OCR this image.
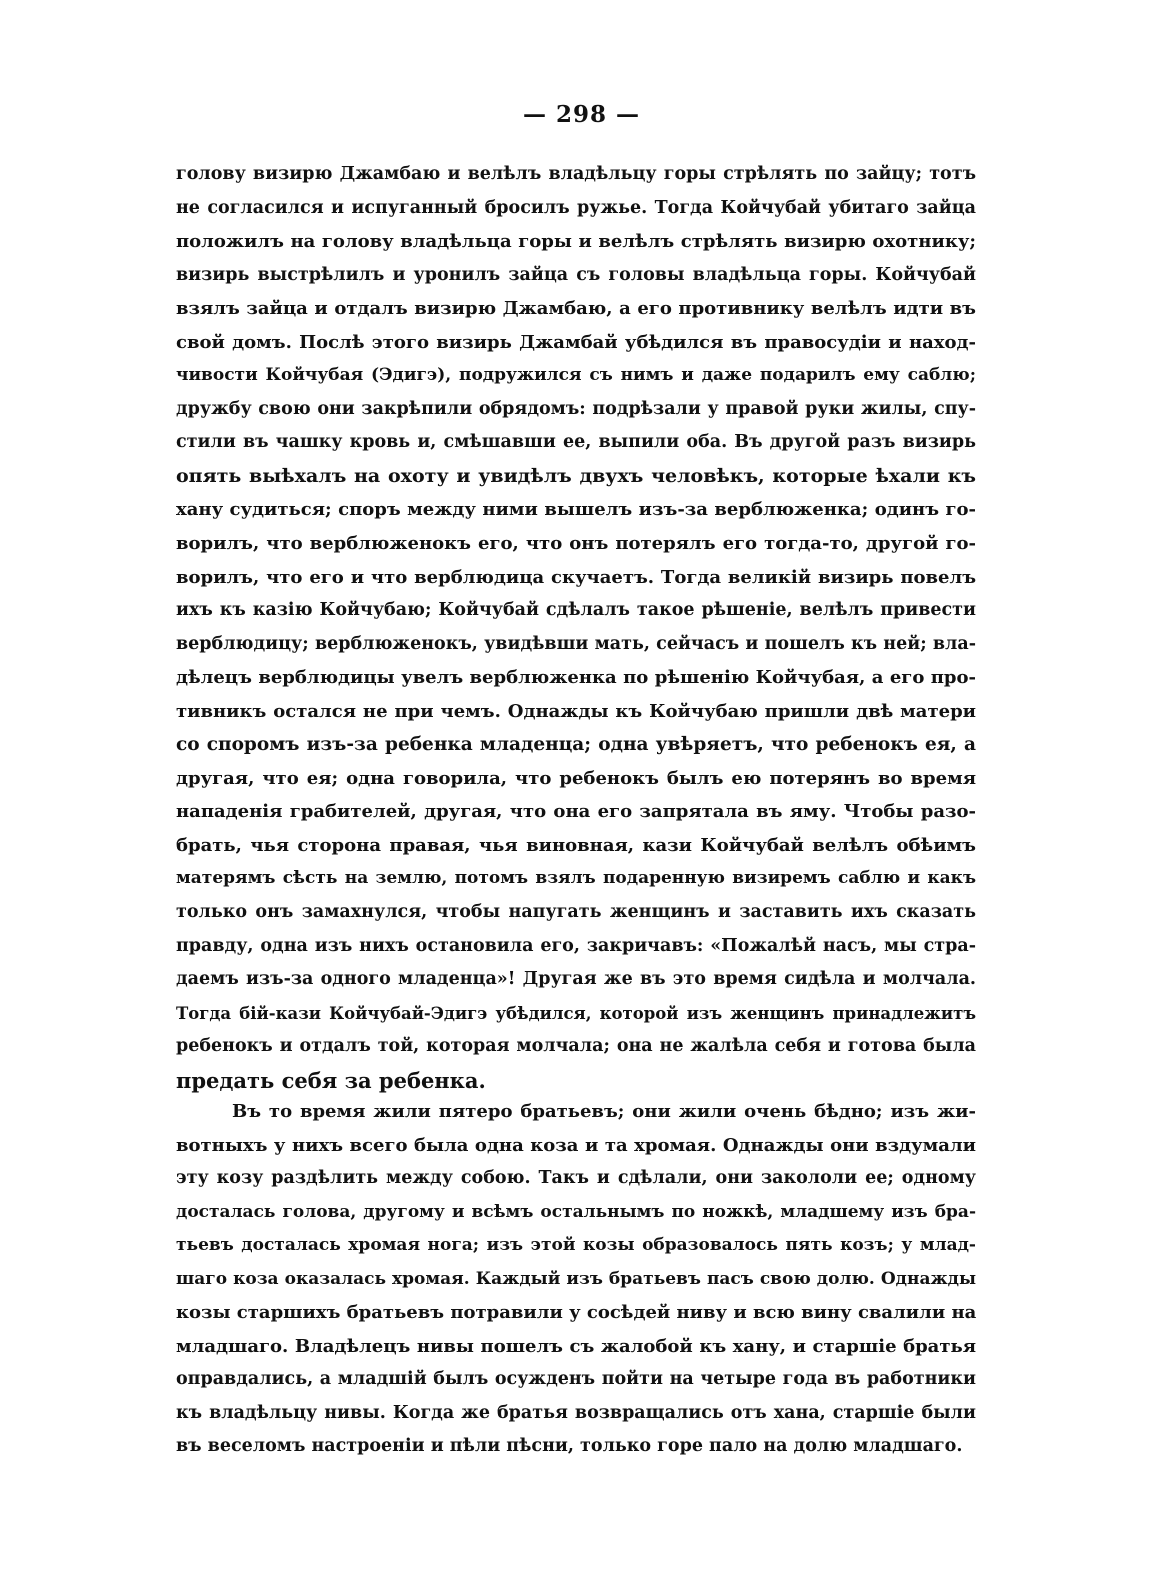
— 298 —
голову визирю Джамбаю и велѣлъ владѣльцу горы стрѣлять по зайцу; тотъ
не согласился и испуганный бросилъ ружье. Тогда Койчубай убитаго зайца
положилъ на голову владѣльца горы и велѣлъ стрѣлять визирю охотнику;
визирь выстрѣлилъ и уронилъ зайца съ головы владѣльца горы. Койчубай
взялъ зайца и отдалъ визирю Джамбаю, а его противнику велѣлъ идти въ
свой домъ. Послѣ этого визирь Джамбай убѣдился въ правосудіи и наход-
чивости Койчубая (Эдигэ), подружился съ нимъ и даже подарилъ ему саблю;
дружбу свою они закрѣпили обрядомъ: подрѣзали у правой руки жилы, спу-
стили въ чашку кровь и, смѣшавши ее, выпили оба. Въ другой разъ визирь
опять выѣхалъ на охоту и увидѣлъ двухъ человѣкъ, которые ѣхали къ
хану судиться; споръ между ними вышелъ изъ-за верблюженка; одинъ го-
ворилъ, что верблюженокъ его, что онъ потерялъ его тогда-то, другой го-
ворилъ, что его и что верблюдица скучаетъ. Тогда великій визирь повелъ
ихъ къ казію Койчубаю; Койчубай сдѣлалъ такое рѣшеніе, велѣлъ привести
верблюдицу; верблюженокъ, увидѣвши мать, сейчасъ и пошелъ къ ней; вла-
дѣлецъ верблюдицы увелъ верблюженка по рѣшенію Койчубая, а его про-
тивникъ остался не при чемъ. Однажды къ Койчубаю пришли двѣ матери
со споромъ изъ-за ребенка младенца; одна увѣряетъ, что ребенокъ ея, а
другая, что ея; одна говорила, что ребенокъ былъ ею потерянъ во время
нападенія грабителей, другая, что она его запрятала въ яму. Чтобы разо-
брать, чья сторона правая, чья виновная, кази Койчубай велѣлъ обѣимъ
матерямъ сѣсть на землю, потомъ взялъ подаренную визиремъ саблю и какъ
только онъ замахнулся, чтобы напугать женщинъ и заставить ихъ сказать
правду, одна изъ нихъ остановила его, закричавъ: «Пожалѣй насъ, мы стра-
даемъ изъ-за одного младенца»! Другая же въ это время сидѣла и молчала.
Тогда бій-кази Койчубай-Эдигэ убѣдился, которой изъ женщинъ принадлежитъ
ребенокъ и отдалъ той, которая молчала; она не жалѣла себя и готова была
предать себя за ребенка.
Въ то время жили пятеро братьевъ; они жили очень бѣдно; изъ жи-
вотныхъ у нихъ всего была одна коза и та хромая. Однажды они вздумали
эту козу раздѣлить между собою. Такъ и сдѣлали, они закололи ее; одному
досталась голова, другому и всѣмъ остальнымъ по ножкѣ, младшему изъ бра-
тьевъ досталась хромая нога; изъ этой козы образовалось пять козъ; у млад-
шаго коза оказалась хромая. Каждый изъ братьевъ пасъ свою долю. Однажды
козы старшихъ братьевъ потравили у сосѣдей ниву и всю вину свалили на
младшаго. Владѣлецъ нивы пошелъ съ жалобой къ хану, и старшіе братья
оправдались, а младшій былъ осужденъ пойти на четыре года въ работники
къ владѣльцу нивы. Когда же братья возвращались отъ хана, старшіе были
въ веселомъ настроеніи и пѣли пѣсни, только горе пало на долю младшаго.
